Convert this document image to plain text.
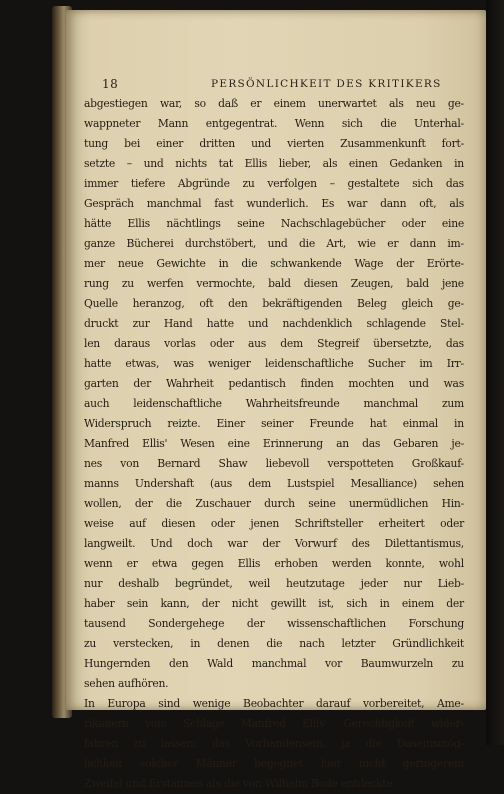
18	PERSÖNLICHKEIT DES KRITIKERS
abgestiegen war, so daß er einem unerwartet als neu ge-
wappneter Mann entgegentrat. Wenn sich die Unterhal-
tung bei einer dritten und vierten Zusammenkunft fort-
setzte – und nichts tat Ellis lieber, als einen Gedanken in
immer tiefere Abgründe zu verfolgen – gestaltete sich das
Gespräch manchmal fast wunderlich. Es war dann oft, als
hätte Ellis nächtlings seine Nachschlagebücher oder eine
ganze Bücherei durchstöbert, und die Art, wie er dann im-
mer neue Gewichte in die schwankende Wage der Erörte-
rung zu werfen vermochte, bald diesen Zeugen, bald jene
Quelle heranzog, oft den bekräftigenden Beleg gleich ge-
druckt zur Hand hatte und nachdenklich schlagende Stel-
len daraus vorlas oder aus dem Stegreif übersetzte, das
hatte etwas, was weniger leidenschaftliche Sucher im Irr-
garten der Wahrheit pedantisch finden mochten und was
auch leidenschaftliche Wahrheitsfreunde manchmal zum
Widerspruch reizte. Einer seiner Freunde hat einmal in
Manfred Ellis' Wesen eine Erinnerung an das Gebaren je-
nes von Bernard Shaw liebevoll verspotteten Großkauf-
manns Undershaft (aus dem Lustspiel Mesalliance) sehen
wollen, der die Zuschauer durch seine unermüdlichen Hin-
weise auf diesen oder jenen Schriftsteller erheitert oder
langweilt. Und doch war der Vorwurf des Dilettantismus,
wenn er etwa gegen Ellis erhoben werden konnte, wohl
nur deshalb begründet, weil heutzutage jeder nur Lieb-
haber sein kann, der nicht gewillt ist, sich in einem der
tausend Sondergehege der wissenschaftlichen Forschung
zu verstecken, in denen die nach letzter Gründlichkeit
Hungernden den Wald manchmal vor Baumwurzeln zu
sehen aufhören.
In Europa sind wenige Beobachter darauf vorbereitet, Ame-
rikanern vom Schlage Manfred Ellis' Gerechtigkeit wider-
fahren zu lassen; das Vorhandensein, ja die Daseinsmög-
lichkeit solcher Männer begegnet hier nicht geringerem
Zweifel und Erstaunen als die von Wilhelm Bode entdeckte
